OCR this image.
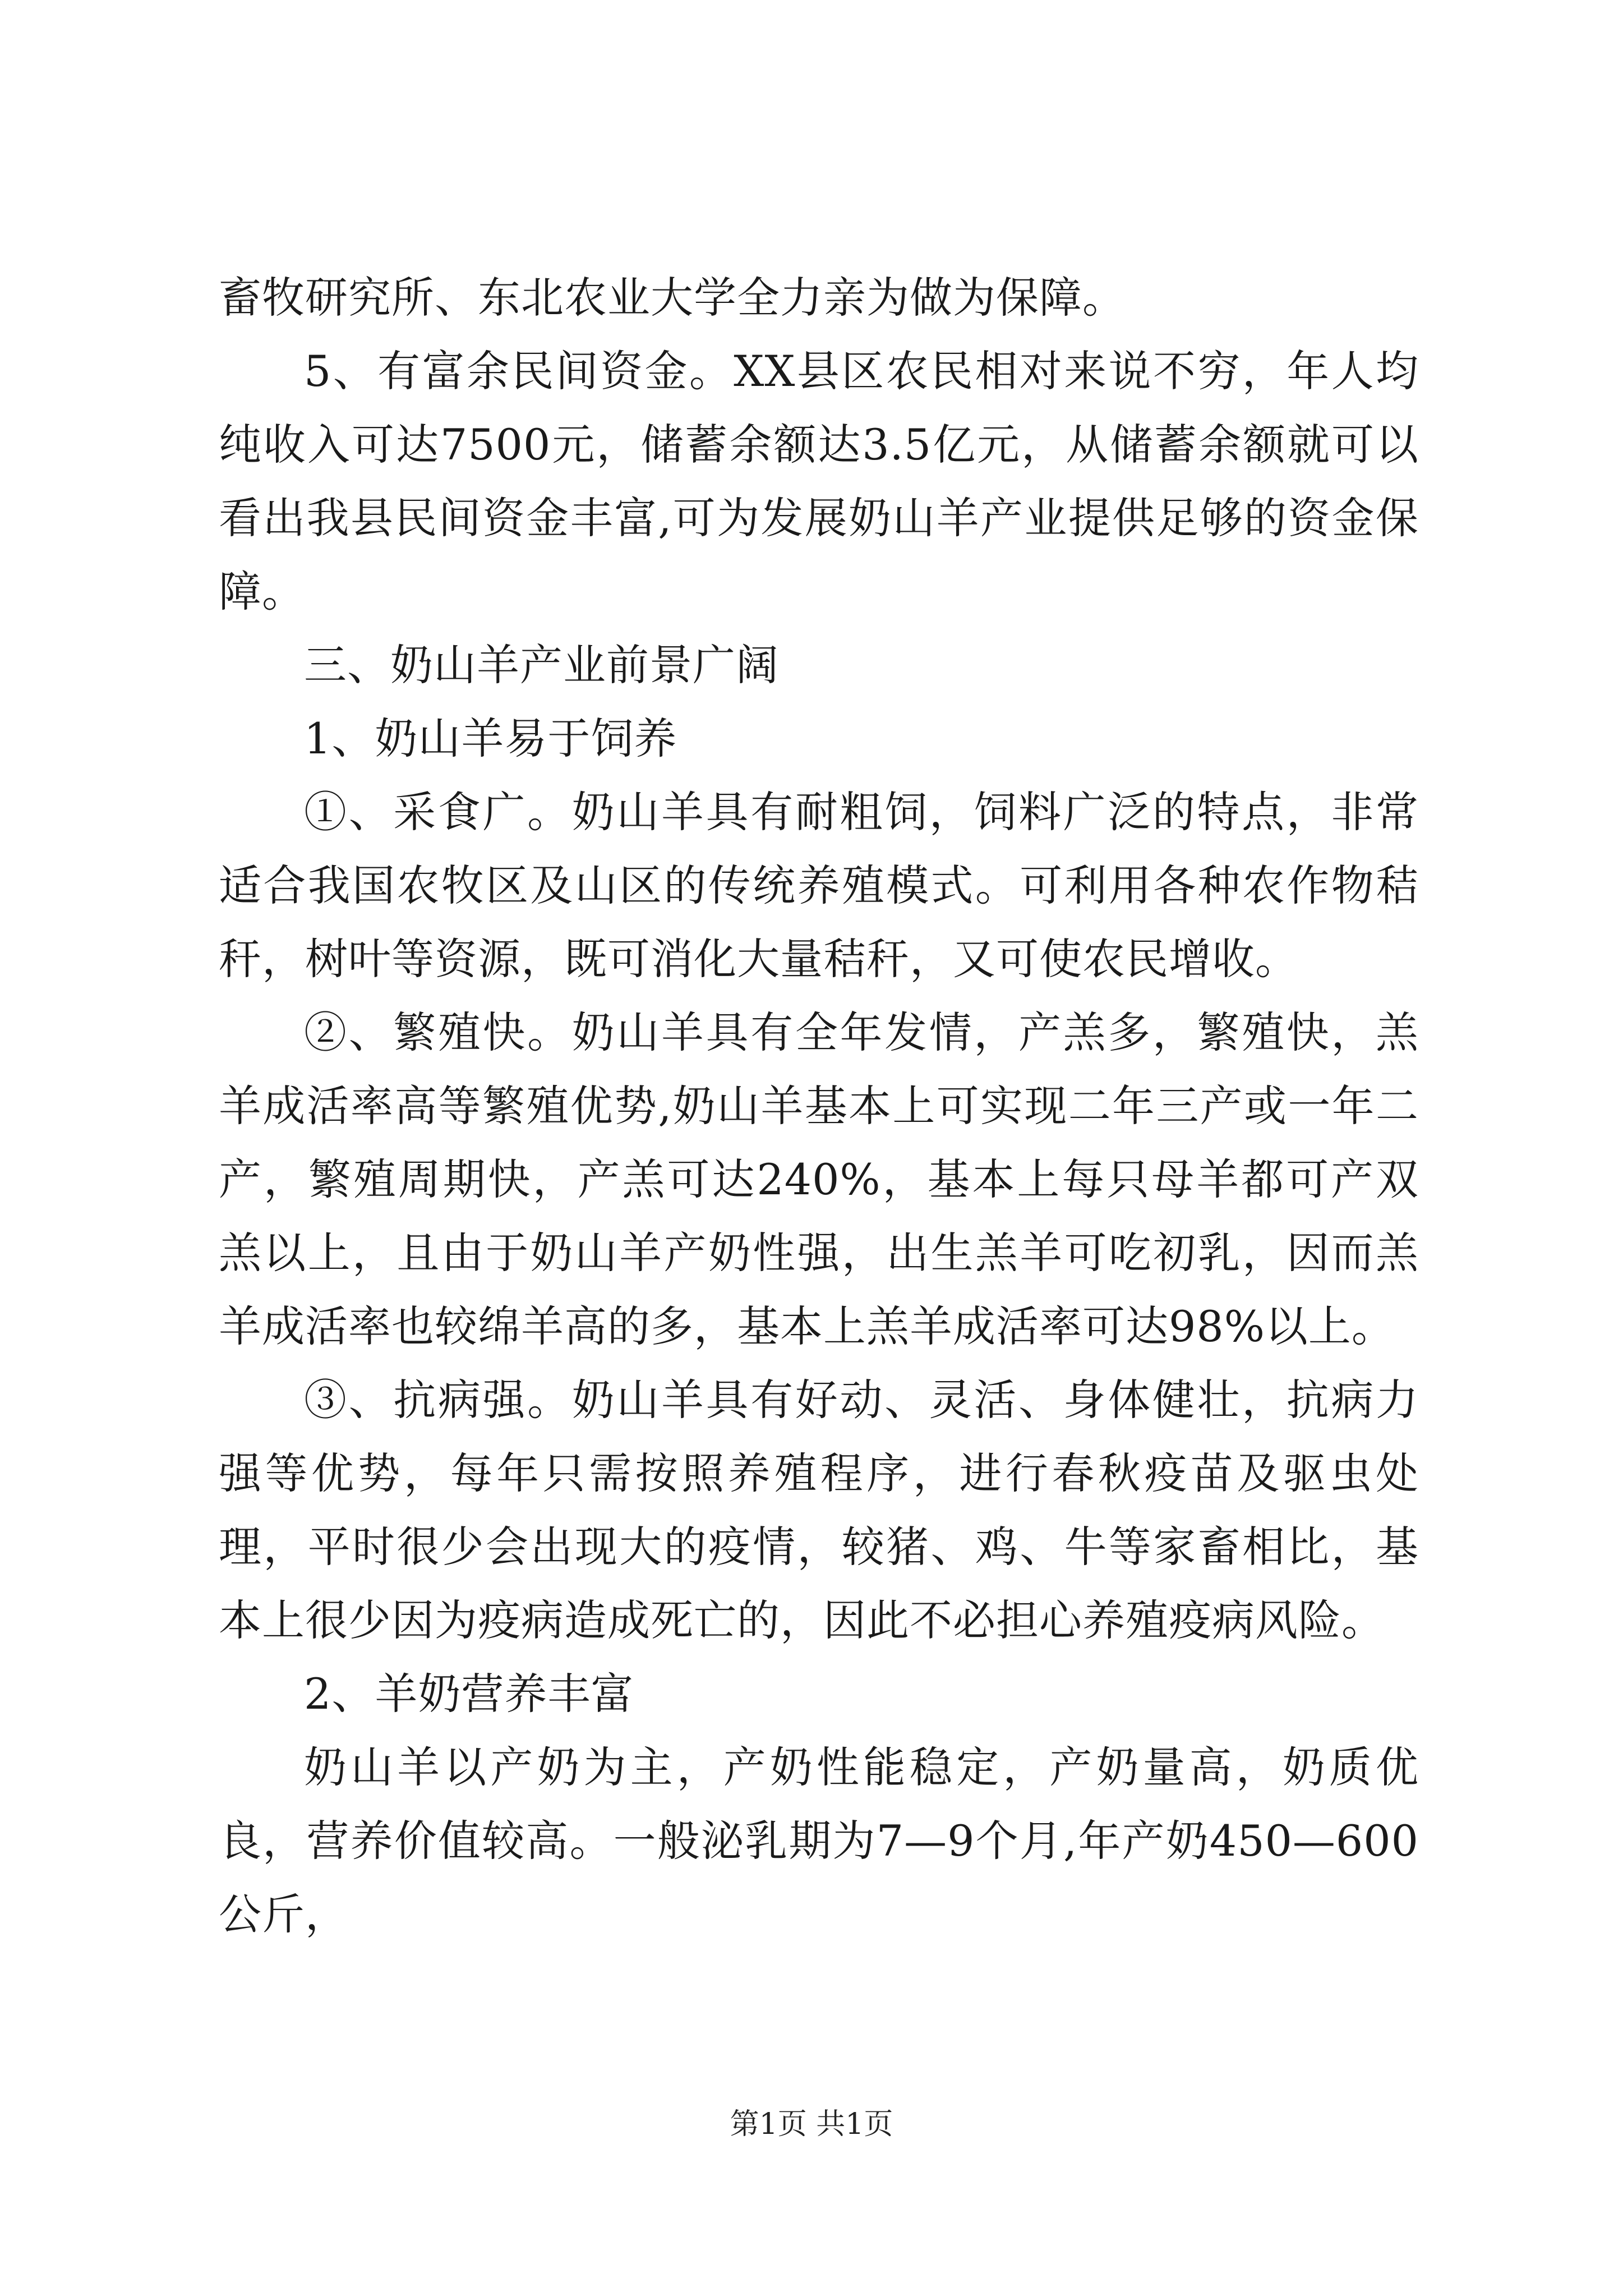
畜牧研究所、东北农业大学全力亲为做为保障。

5、有富余民间资金。XX县区农民相对来说不穷，年人均纯收入可达7500元，储蓄余额达3.5亿元，从储蓄余额就可以看出我县民间资金丰富,可为发展奶山羊产业提供足够的资金保障。

三、奶山羊产业前景广阔

1、奶山羊易于饲养

①、采食广。奶山羊具有耐粗饲，饲料广泛的特点，非常适合我国农牧区及山区的传统养殖模式。可利用各种农作物秸秆，树叶等资源，既可消化大量秸秆，又可使农民增收。

②、繁殖快。奶山羊具有全年发情，产羔多，繁殖快，羔羊成活率高等繁殖优势,奶山羊基本上可实现二年三产或一年二产，繁殖周期快，产羔可达240%，基本上每只母羊都可产双羔以上，且由于奶山羊产奶性强，出生羔羊可吃初乳，因而羔羊成活率也较绵羊高的多，基本上羔羊成活率可达98%以上。

③、抗病强。奶山羊具有好动、灵活、身体健壮，抗病力强等优势，每年只需按照养殖程序，进行春秋疫苗及驱虫处理，平时很少会出现大的疫情，较猪、鸡、牛等家畜相比，基本上很少因为疫病造成死亡的，因此不必担心养殖疫病风险。

2、羊奶营养丰富

奶山羊以产奶为主，产奶性能稳定，产奶量高，奶质优良，营养价值较高。一般泌乳期为7—9个月,年产奶450—600公斤，

第1页 共1页
